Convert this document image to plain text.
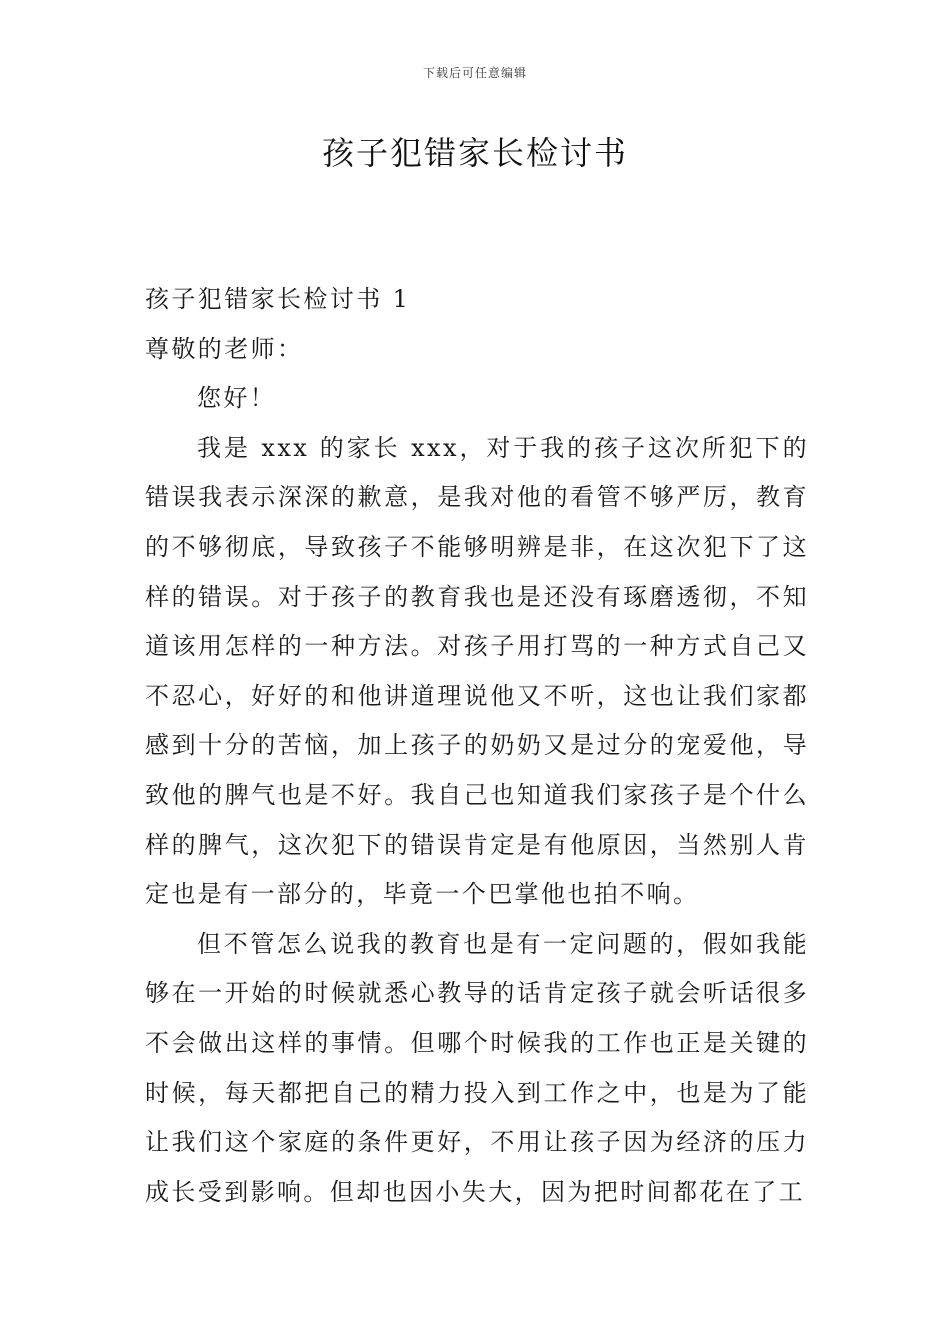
下载后可任意编辑
孩子犯错家长检讨书

孩子犯错家长检讨书 1

尊敬的老师：

您好！

我是 xxx 的家长 xxx，对于我的孩子这次所犯下的错误我表示深深的歉意，是我对他的看管不够严厉，教育的不够彻底，导致孩子不能够明辨是非，在这次犯下了这样的错误。对于孩子的教育我也是还没有琢磨透彻，不知道该用怎样的一种方法。对孩子用打骂的一种方式自己又不忍心，好好的和他讲道理说他又不听，这也让我们家都感到十分的苦恼，加上孩子的奶奶又是过分的宠爱他，导致他的脾气也是不好。我自己也知道我们家孩子是个什么样的脾气，这次犯下的错误肯定是有他原因，当然别人肯定也是有一部分的，毕竟一个巴掌他也拍不响。

但不管怎么说我的教育也是有一定问题的，假如我能够在一开始的时候就悉心教导的话肯定孩子就会听话很多不会做出这样的事情。但哪个时候我的工作也正是关键的时候，每天都把自己的精力投入到工作之中，也是为了能让我们这个家庭的条件更好，不用让孩子因为经济的压力成长受到影响。但却也因小失大，因为把时间都花在了工
